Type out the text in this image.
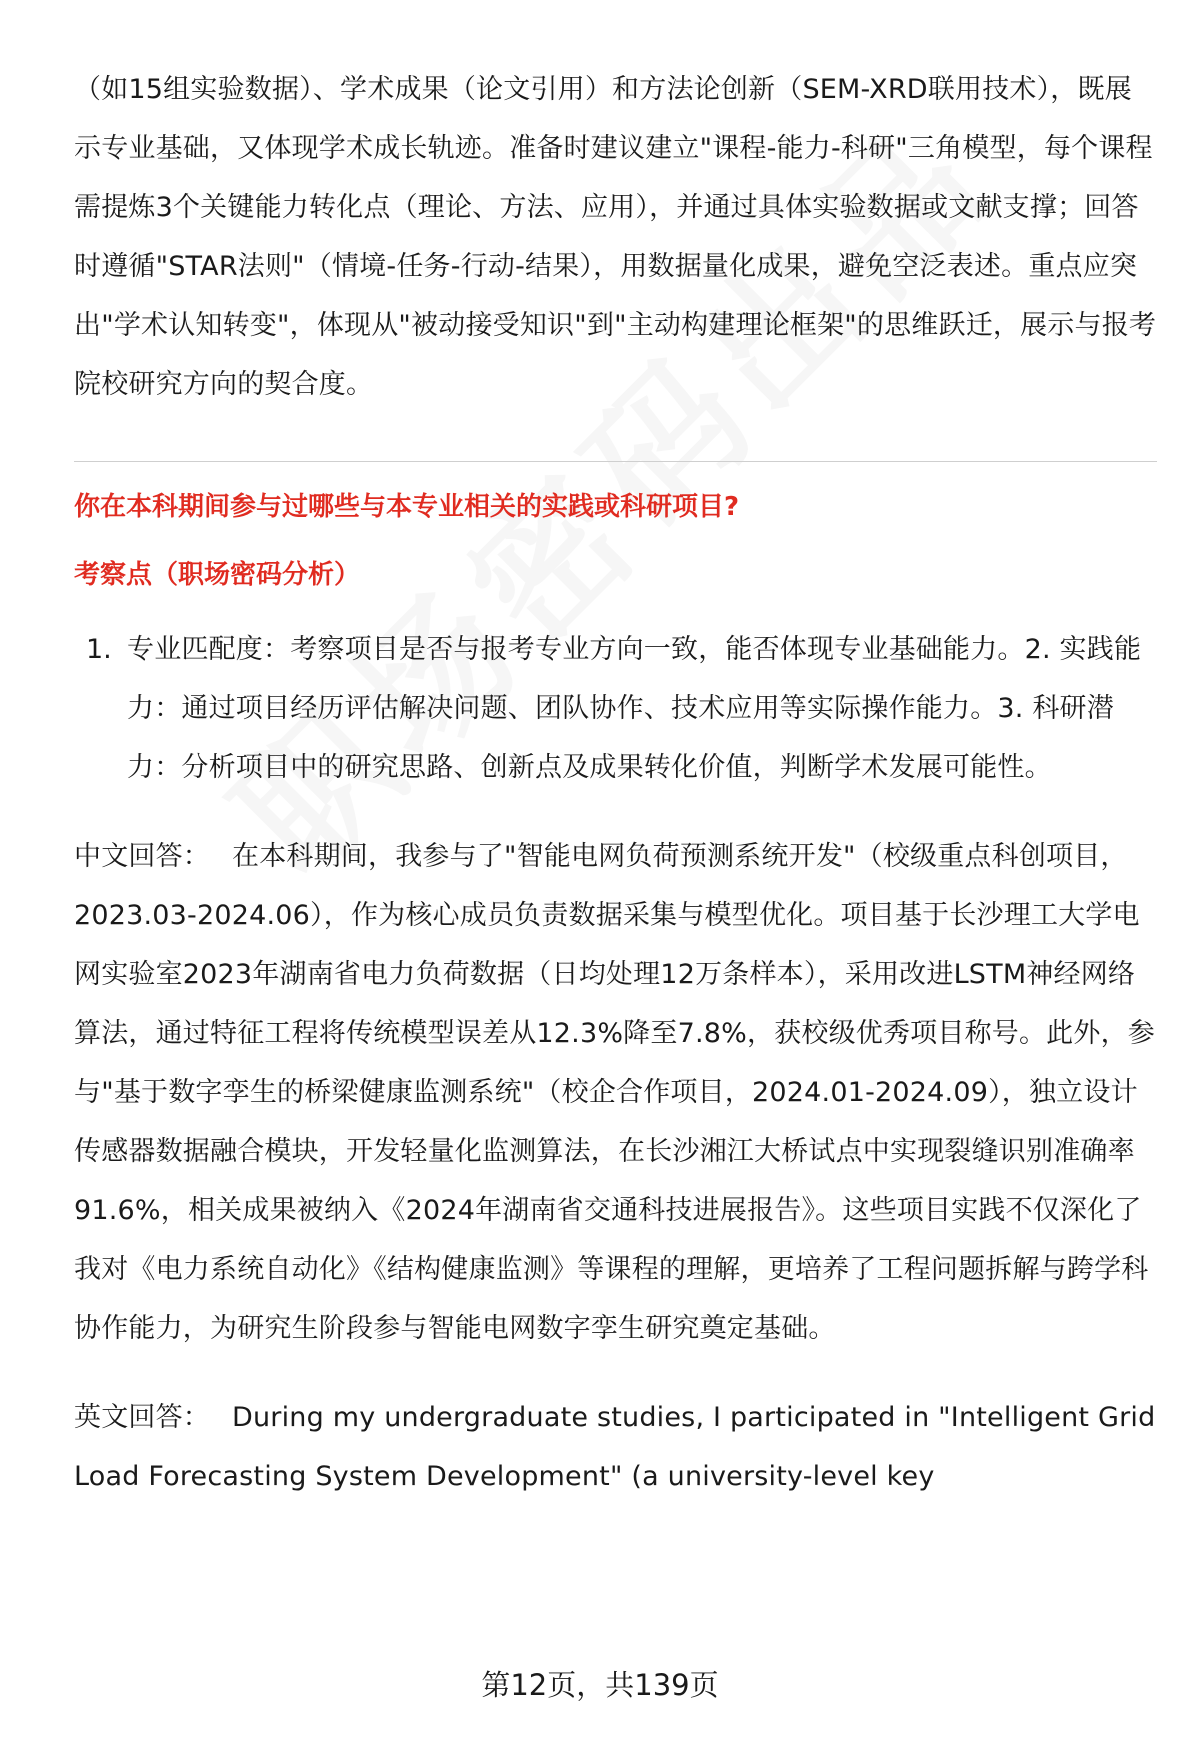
（如15组实验数据）、学术成果（论文引用）和方法论创新（SEM-XRD联用技术），既展示专业基础，又体现学术成长轨迹。准备时建议建立"课程-能力-科研"三角模型，每个课程需提炼3个关键能力转化点（理论、方法、应用），并通过具体实验数据或文献支撑；回答时遵循"STAR法则"（情境-任务-行动-结果），用数据量化成果，避免空泛表述。重点应突出"学术认知转变"，体现从"被动接受知识"到"主动构建理论框架"的思维跃迁，展示与报考院校研究方向的契合度。

你在本科期间参与过哪些与本专业相关的实践或科研项目?

考察点（职场密码分析）

1. 专业匹配度：考察项目是否与报考专业方向一致，能否体现专业基础能力。2. 实践能力：通过项目经历评估解决问题、团队协作、技术应用等实际操作能力。3. 科研潜力：分析项目中的研究思路、创新点及成果转化价值，判断学术发展可能性。

中文回答： 在本科期间，我参与了"智能电网负荷预测系统开发"（校级重点科创项目，2023.03-2024.06），作为核心成员负责数据采集与模型优化。项目基于长沙理工大学电网实验室2023年湖南省电力负荷数据（日均处理12万条样本），采用改进LSTM神经网络算法，通过特征工程将传统模型误差从12.3%降至7.8%，获校级优秀项目称号。此外，参与"基于数字孪生的桥梁健康监测系统"（校企合作项目，2024.01-2024.09），独立设计传感器数据融合模块，开发轻量化监测算法，在长沙湘江大桥试点中实现裂缝识别准确率91.6%，相关成果被纳入《2024年湖南省交通科技进展报告》。这些项目实践不仅深化了我对《电力系统自动化》《结构健康监测》等课程的理解，更培养了工程问题拆解与跨学科协作能力，为研究生阶段参与智能电网数字孪生研究奠定基础。

英文回答： During my undergraduate studies, I participated in "Intelligent Grid Load Forecasting System Development" (a university-level key

第12页，共139页
